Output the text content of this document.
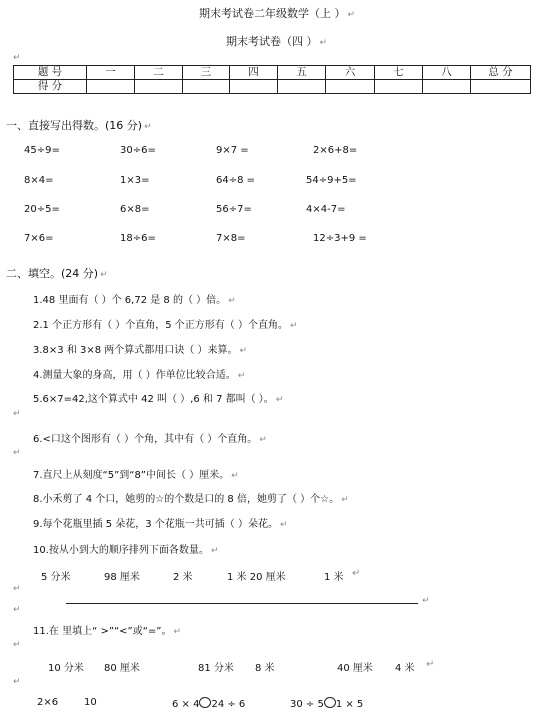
期末考试卷二年级数学（上 ） ↵
期末考试卷（四 ） ↵
↵
题 号	一	二	三	四	五	六	七	八	总 分
得 分									
一、直接写出得数。(16 分) ↵
45÷9=	30÷6=	9×7 =	2×6+8=
8×4=	1×3=	64÷8 =	54÷9+5=
20÷5=	6×8=	56÷7=	4×4-7=
7×6=	18÷6=	7×8=	12÷3+9 =
二、填空。(24 分) ↵
1.48 里面有（ ）个 6,72 是 8 的（ ）倍。 ↵
2.1 个正方形有（ ）个直角，5 个正方形有（ ）个直角。 ↵
3.8×3 和 3×8 两个算式都用口诀（ ）来算。 ↵
4.测量大象的身高，用（ ）作单位比较合适。 ↵
5.6×7=42,这个算式中 42 叫（ ）,6 和 7 都叫（ ）。 ↵
↵
6.<口这个图形有（ ）个角，其中有（ ）个直角。 ↵
↵
7.直尺上从刻度“5”到“8”中间长（ ）厘米。 ↵
8.小禾剪了 4 个口，她剪的☆的个数是口的 8 倍，她剪了（ ）个☆。 ↵
9.每个花瓶里插 5 朵花，3 个花瓶一共可插（ ）朵花。 ↵
10.按从小到大的顺序排列下面各数量。 ↵
5 分米	98 厘米	2 米	1 米 20 厘米	1 米 ↵
↵
↵
↵
11.在 里填上“ >”“<”或“=”。 ↵
↵
10 分米 80 厘米	81 分米 8 米	40 厘米 4 米 ↵
↵
2×6	10	6 × 4 24 ÷ 6	30 ÷ 5 1 × 5
